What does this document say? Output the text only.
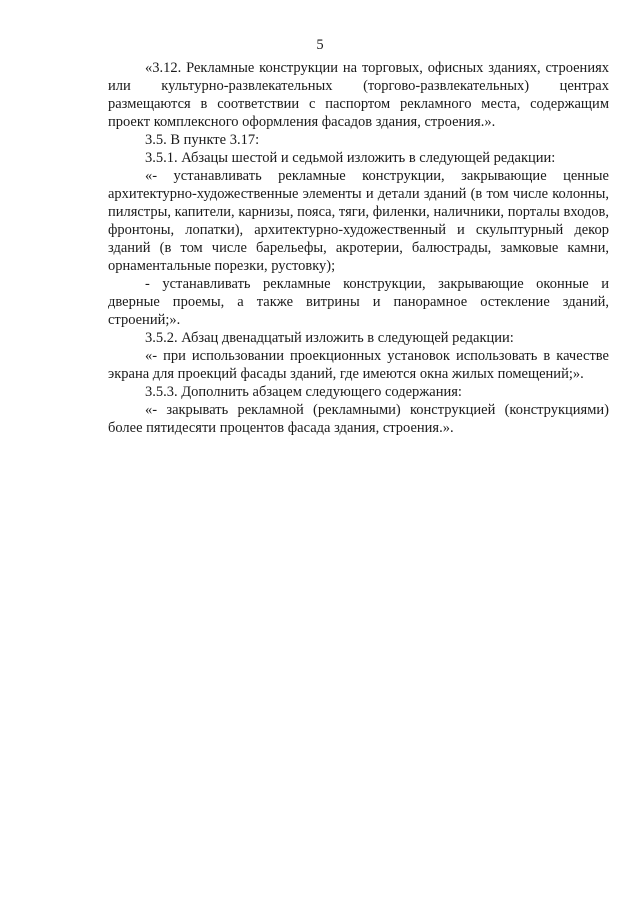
5

«3.12. Рекламные конструкции на торговых, офисных зданиях, строениях или культурно-развлекательных (торгово-развлекательных) центрах размещаются в соответствии с паспортом рекламного места, содержащим проект комплексного оформления фасадов здания, строения.».

3.5. В пункте 3.17:

3.5.1. Абзацы шестой и седьмой изложить в следующей редакции:

«- устанавливать рекламные конструкции, закрывающие ценные архитектурно-художественные элементы и детали зданий (в том числе колонны, пилястры, капители, карнизы, пояса, тяги, филенки, наличники, порталы входов, фронтоны, лопатки), архитектурно-художественный и скульптурный декор зданий (в том числе барельефы, акротерии, балюстрады, замковые камни, орнаментальные порезки, рустовку);

- устанавливать рекламные конструкции, закрывающие оконные и дверные проемы, а также витрины и панорамное остекление зданий, строений;».

3.5.2. Абзац двенадцатый изложить в следующей редакции:

«- при использовании проекционных установок использовать в качестве экрана для проекций фасады зданий, где имеются окна жилых помещений;».

3.5.3. Дополнить абзацем следующего содержания:

«- закрывать рекламной (рекламными) конструкцией (конструкциями) более пятидесяти процентов фасада здания, строения.».
